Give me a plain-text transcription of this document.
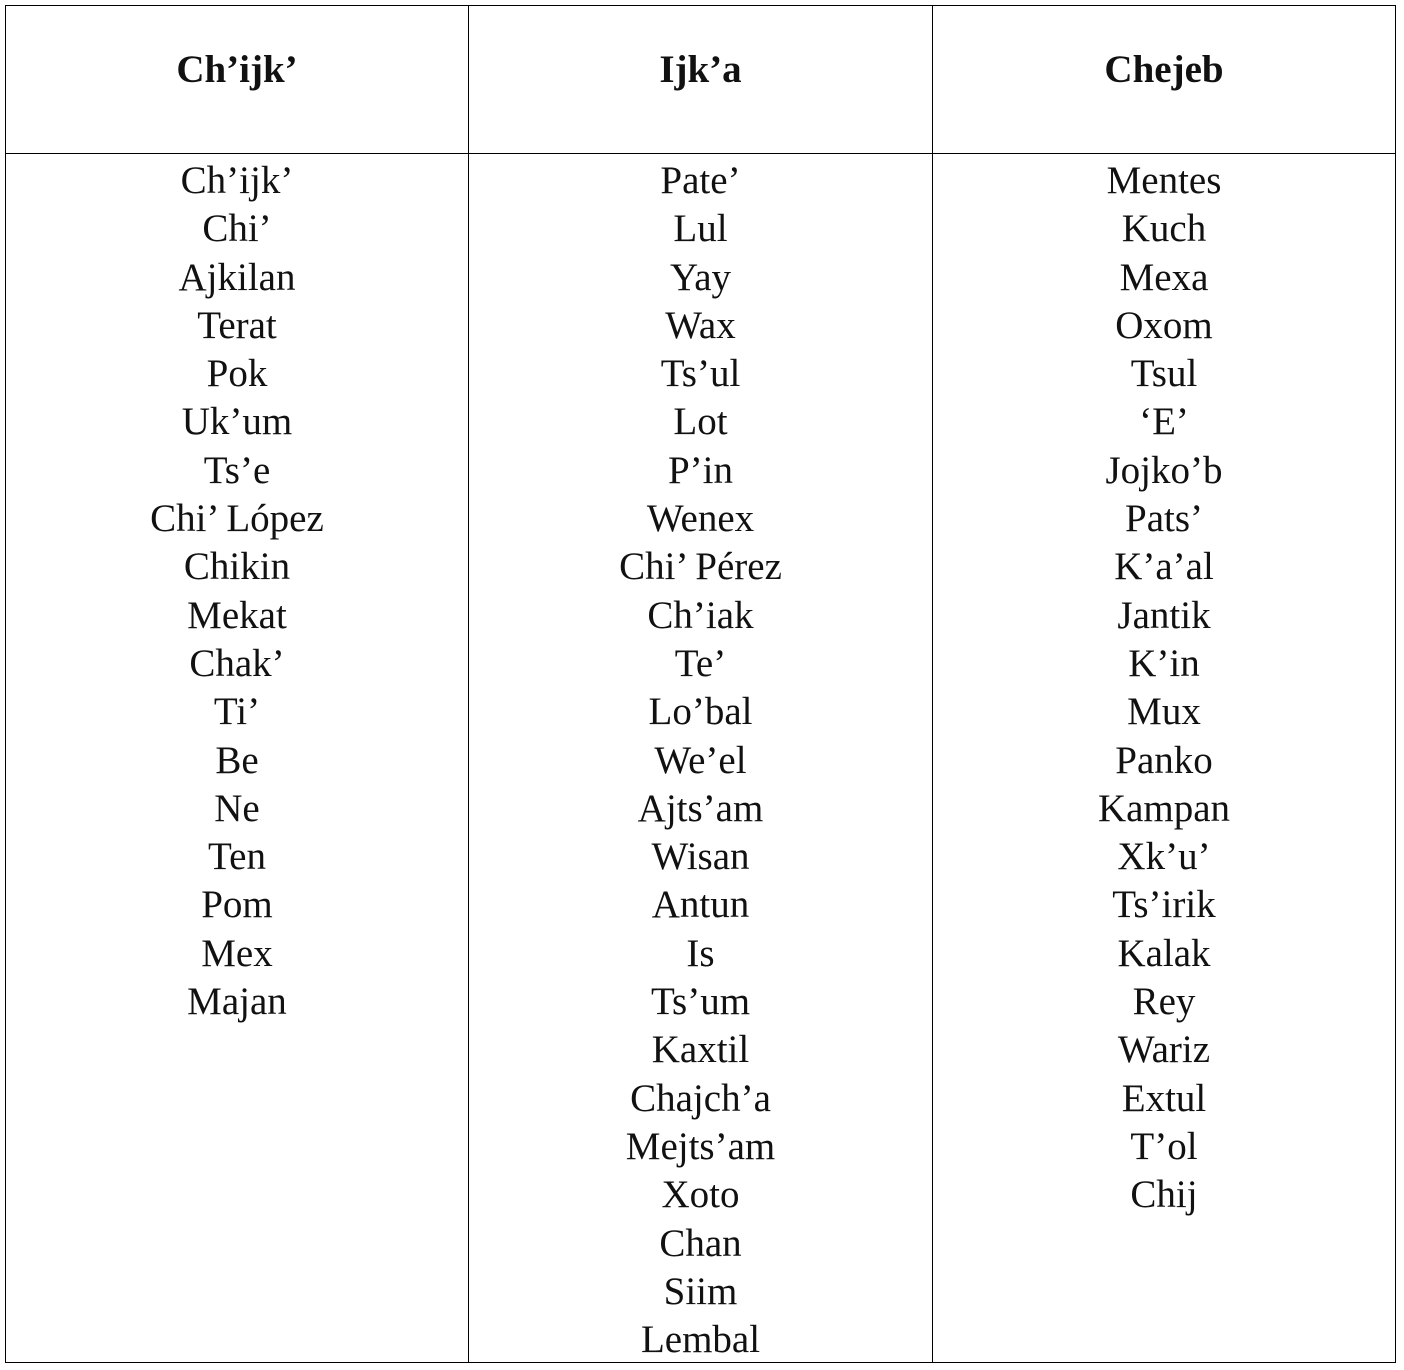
Ch’ijk’
Ch’ijk’
Chi’
Ajkilan
Terat
Pok
Uk’um
Ts’e
Chi’ López
Chikin
Mekat
Chak’
Ti’
Be
Ne
Ten
Pom
Mex
Majan
Ijk’a
Pate’
Lul
Yay
Wax
Ts’ul
Lot
P’in
Wenex
Chi’ Pérez
Ch’iak
Te’
Lo’bal
We’el
Ajts’am
Wisan
Antun
Is
Ts’um
Kaxtil
Chajch’a
Mejts’am
Xoto
Chan
Siim
Lembal
Chejeb
Mentes
Kuch
Mexa
Oxom
Tsul
‘E’
Jojko’b
Pats’
K’a’al
Jantik
K’in
Mux
Panko
Kampan
Xk’u’
Ts’irik
Kalak
Rey
Wariz
Extul
T’ol
Chij
